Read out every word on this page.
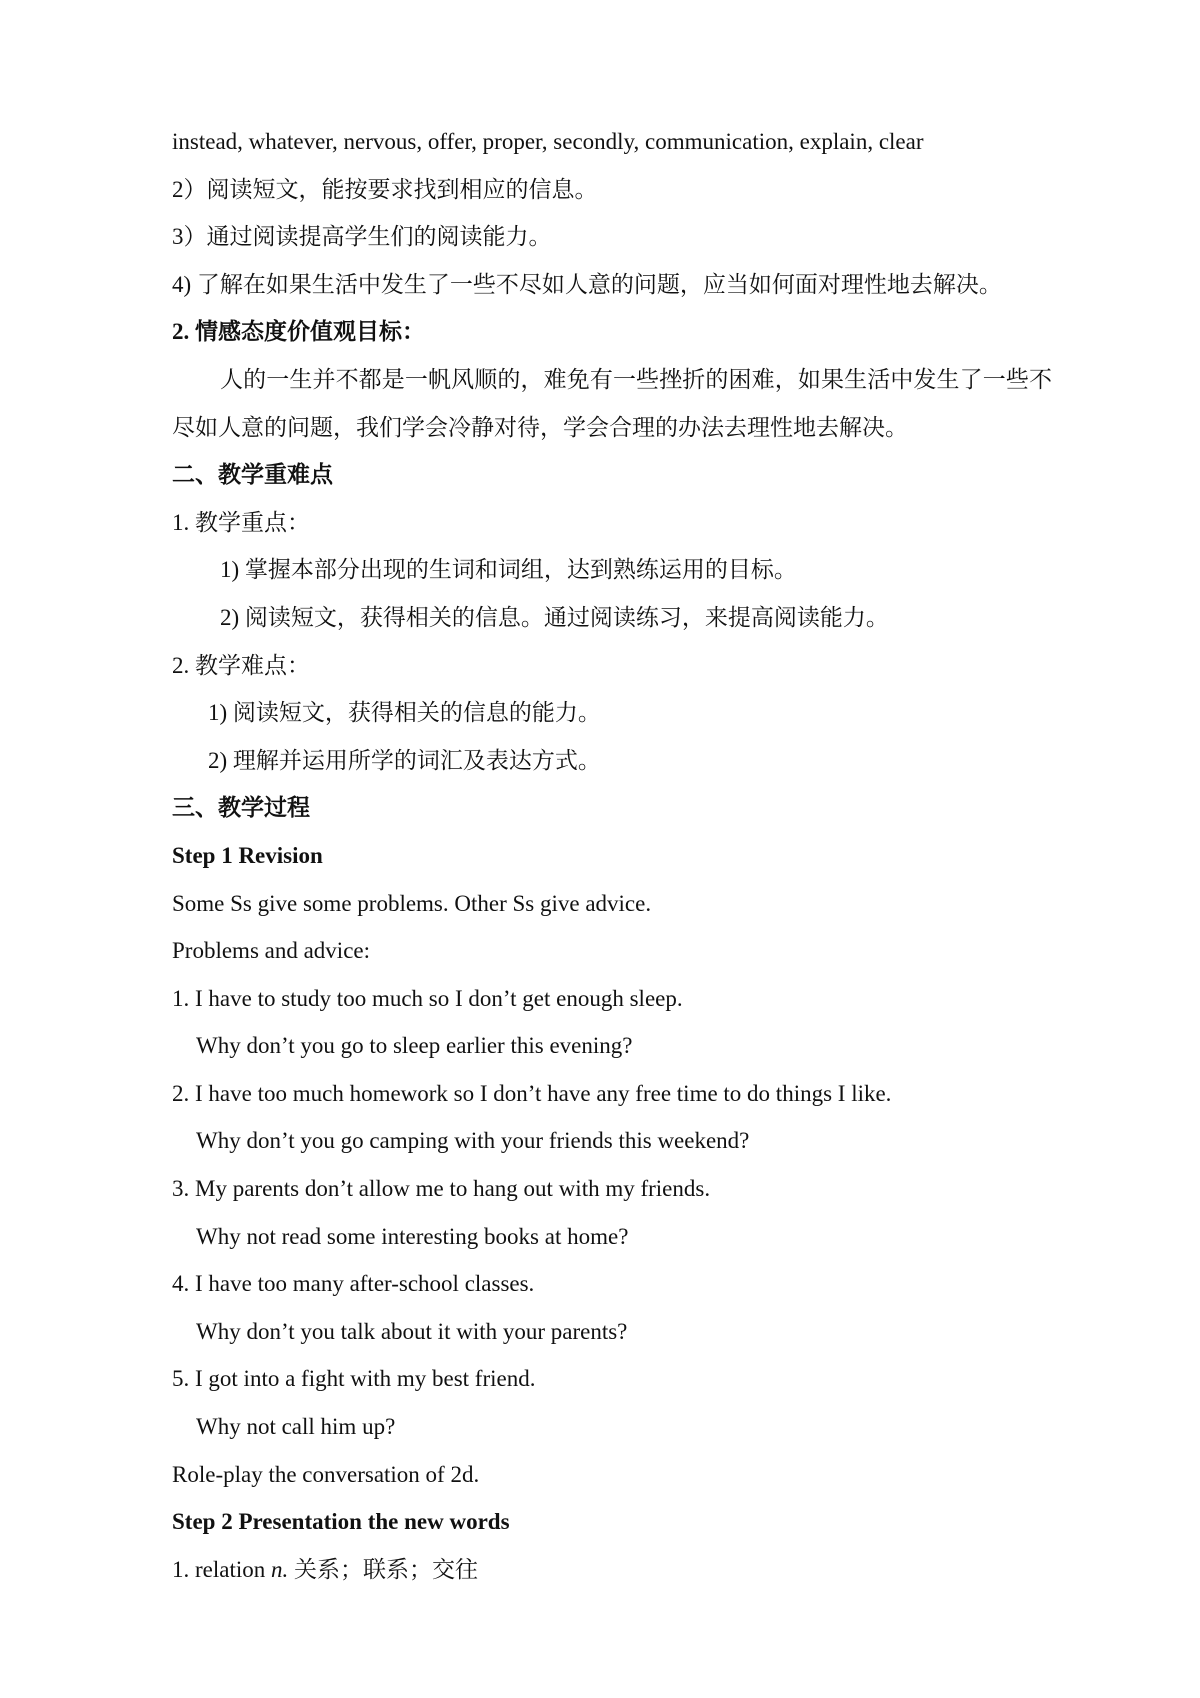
instead, whatever, nervous, offer, proper, secondly, communication, explain, clear
2）阅读短文，能按要求找到相应的信息。
3）通过阅读提高学生们的阅读能力。
4) 了解在如果生活中发生了一些不尽如人意的问题，应当如何面对理性地去解决。
2. 情感态度价值观目标：
人的一生并不都是一帆风顺的，难免有一些挫折的困难，如果生活中发生了一些不尽如人意的问题，我们学会冷静对待，学会合理的办法去理性地去解决。
二、教学重难点
1. 教学重点：
1) 掌握本部分出现的生词和词组，达到熟练运用的目标。
2) 阅读短文，获得相关的信息。通过阅读练习，来提高阅读能力。
2. 教学难点：
1) 阅读短文，获得相关的信息的能力。
2) 理解并运用所学的词汇及表达方式。
三、教学过程
Step 1 Revision
Some Ss give some problems. Other Ss give advice.
Problems and advice:
1. I have to study too much so I don’t get enough sleep.
Why don’t you go to sleep earlier this evening?
2. I have too much homework so I don’t have any free time to do things I like.
Why don’t you go camping with your friends this weekend?
3. My parents don’t allow me to hang out with my friends.
Why not read some interesting books at home?
4. I have too many after-school classes.
Why don’t you talk about it with your parents?
5. I got into a fight with my best friend.
Why not call him up?
Role-play the conversation of 2d.
Step 2 Presentation the new words
1. relation n. 关系；联系；交往
